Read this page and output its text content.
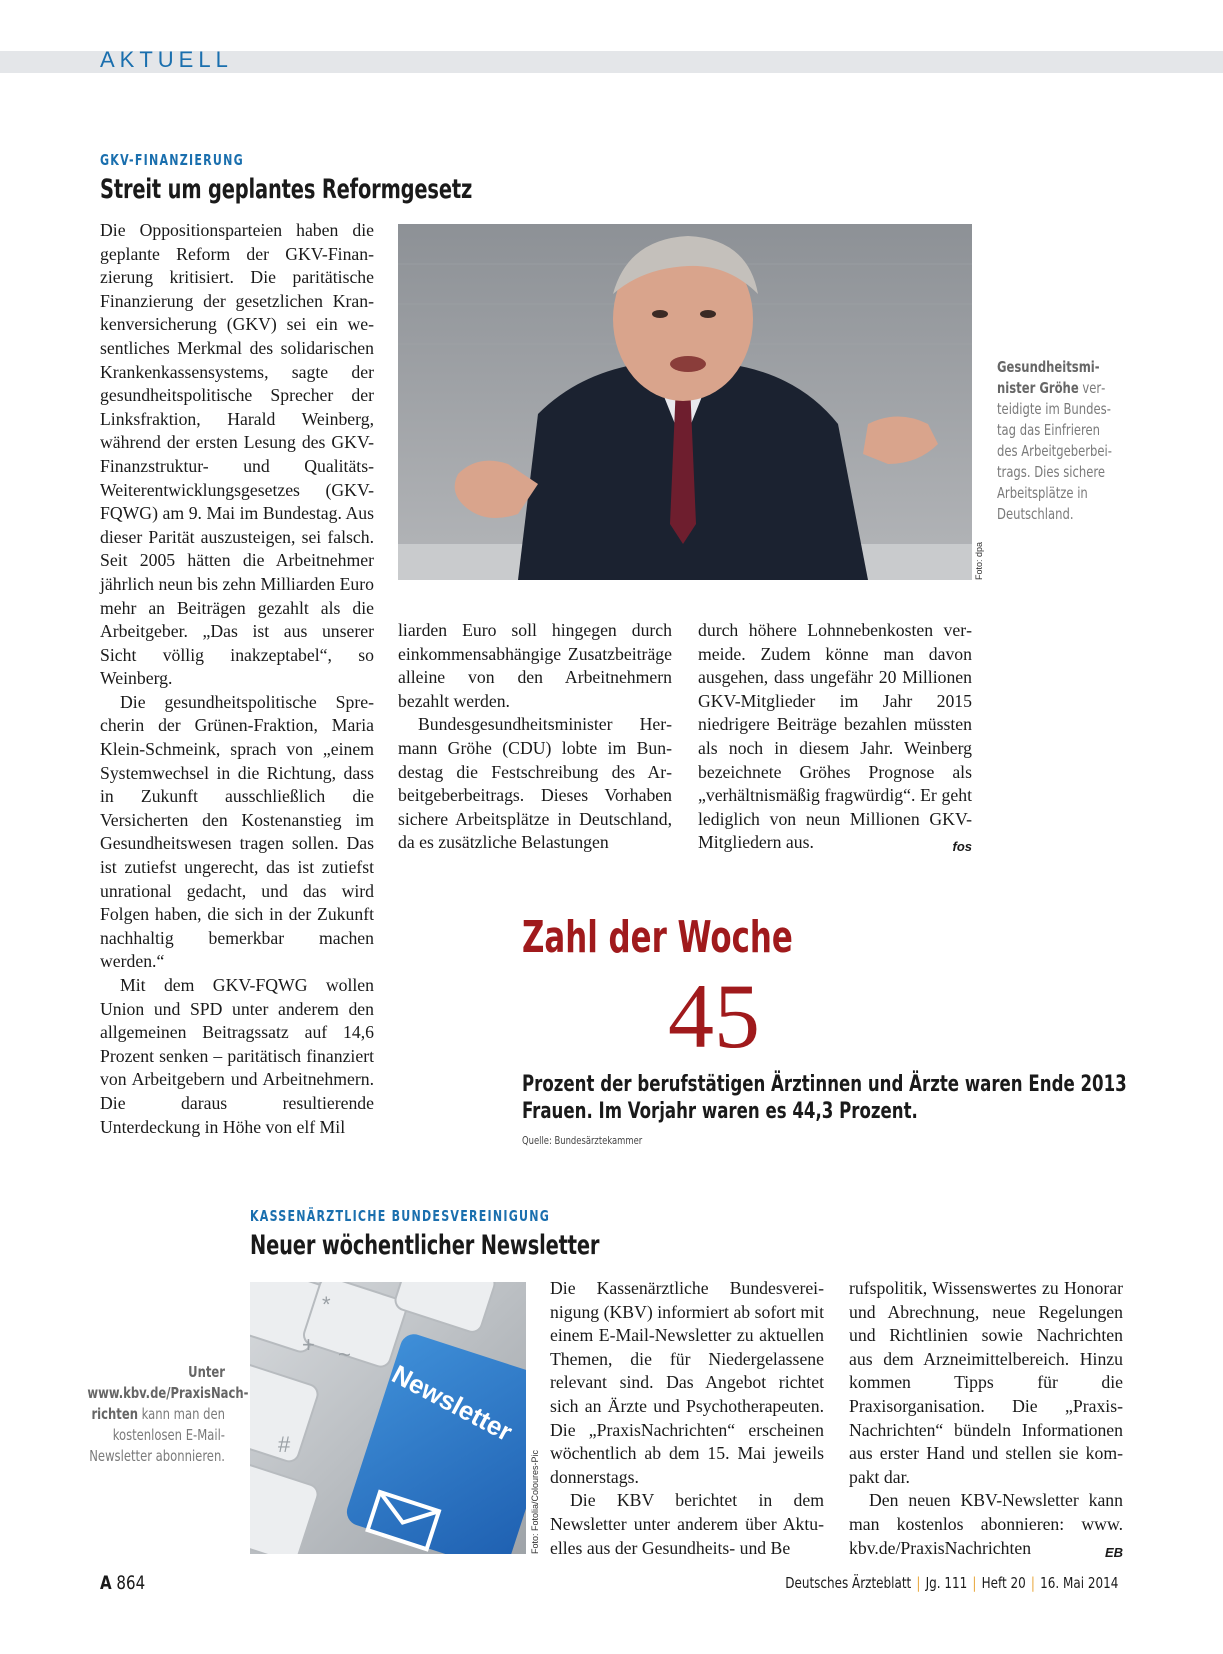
AKTUELL
GKV-FINANZIERUNG
Streit um geplantes Reformgesetz

Die Oppositionsparteien haben die geplante Reform der GKV-Finanzierung kritisiert. Die paritätische Finanzierung der gesetzlichen Krankenversicherung (GKV) sei ein wesentliches Merkmal des solidarischen Krankenkassensystems, sagte der gesundheitspolitische Sprecher der Linksfraktion, Harald Weinberg, während der ersten Lesung des GKV-Finanzstruktur- und Qualitäts-Weiterentwicklungsgesetzes (GKV-FQWG) am 9. Mai im Bundestag. Aus dieser Parität auszusteigen, sei falsch. Seit 2005 hätten die Arbeitnehmer jährlich neun bis zehn Milliarden Euro mehr an Beiträgen gezahlt als die Arbeitgeber. „Das ist aus unserer Sicht völlig inakzeptabel“, so Weinberg.

Die gesundheitspolitische Sprecherin der Grünen-Fraktion, Maria Klein-Schmeink, sprach von „einem Systemwechsel in die Richtung, dass in Zukunft ausschließlich die Versicherten den Kostenanstieg im Gesundheitswesen tragen sollen. Das ist zutiefst ungerecht, das ist zutiefst unrational gedacht, und das wird Folgen haben, die sich in der Zukunft nachhaltig bemerkbar machen werden.“

Mit dem GKV-FQWG wollen Union und SPD unter anderem den allgemeinen Beitragssatz auf 14,6 Prozent senken – paritätisch finanziert von Arbeitgebern und Arbeitnehmern. Die daraus resultierende Unterdeckung in Höhe von elf Mil

Foto: dpa
Gesundheitsminister Gröhe verteidigte im Bundestag das Einfrieren des Arbeitgeberbeitrags. Dies sichere Arbeitsplätze in Deutschland.

liarden Euro soll hingegen durch einkommensabhängige Zusatzbeiträge alleine von den Arbeitnehmern bezahlt werden.

Bundesgesundheitsminister Hermann Gröhe (CDU) lobte im Bundestag die Festschreibung des Arbeitgeberbeitrags. Dieses Vorhaben sichere Arbeitsplätze in Deutschland, da es zusätzliche Belastungen

durch höhere Lohnnebenkosten vermeide. Zudem könne man davon ausgehen, dass ungefähr 20 Millionen GKV-Mitglieder im Jahr 2015 niedrigere Beiträge bezahlen müssten als noch in diesem Jahr. Weinberg bezeichnete Gröhes Prognose als „verhältnismäßig fragwürdig“. Er geht lediglich von neun Millionen GKV-Mitgliedern aus.	fos

Zahl der Woche
45
Prozent der berufstätigen Ärztinnen und Ärzte waren Ende 2013 Frauen. Im Vorjahr waren es 44,3 Prozent.
Quelle: Bundesärztekammer
KASSENÄRZTLICHE BUNDESVEREINIGUNG
Neuer wöchentlicher Newsletter
Unter www.kbv.de/PraxisNachrichten kann man den kostenlosen E-Mail-Newsletter abonnieren.
*
+ ~
#	Newsletter
Foto: Fotolia/Coloures-Pic

Die Kassenärztliche Bundesvereinigung (KBV) informiert ab sofort mit einem E-Mail-Newsletter zu aktuellen Themen, die für Niedergelassene relevant sind. Das Angebot richtet sich an Ärzte und Psychotherapeuten. Die „PraxisNachrichten“ erscheinen wöchentlich ab dem 15. Mai jeweils donnerstags.

Die KBV berichtet in dem Newsletter unter anderem über Aktuelles aus der Gesundheits- und Be

rufspolitik, Wissenswertes zu Honorar und Abrechnung, neue Regelungen und Richtlinien sowie Nachrichten aus dem Arzneimittelbereich. Hinzu kommen Tipps für die Praxisorganisation. Die „Praxis-Nachrichten“ bündeln Informationen aus erster Hand und stellen sie kompakt dar.

Den neuen KBV-Newsletter kann man kostenlos abonnieren: www. kbv.de/PraxisNachrichten	EB

A 864	Deutsches Ärzteblatt | Jg. 111 | Heft 20 | 16. Mai 2014
